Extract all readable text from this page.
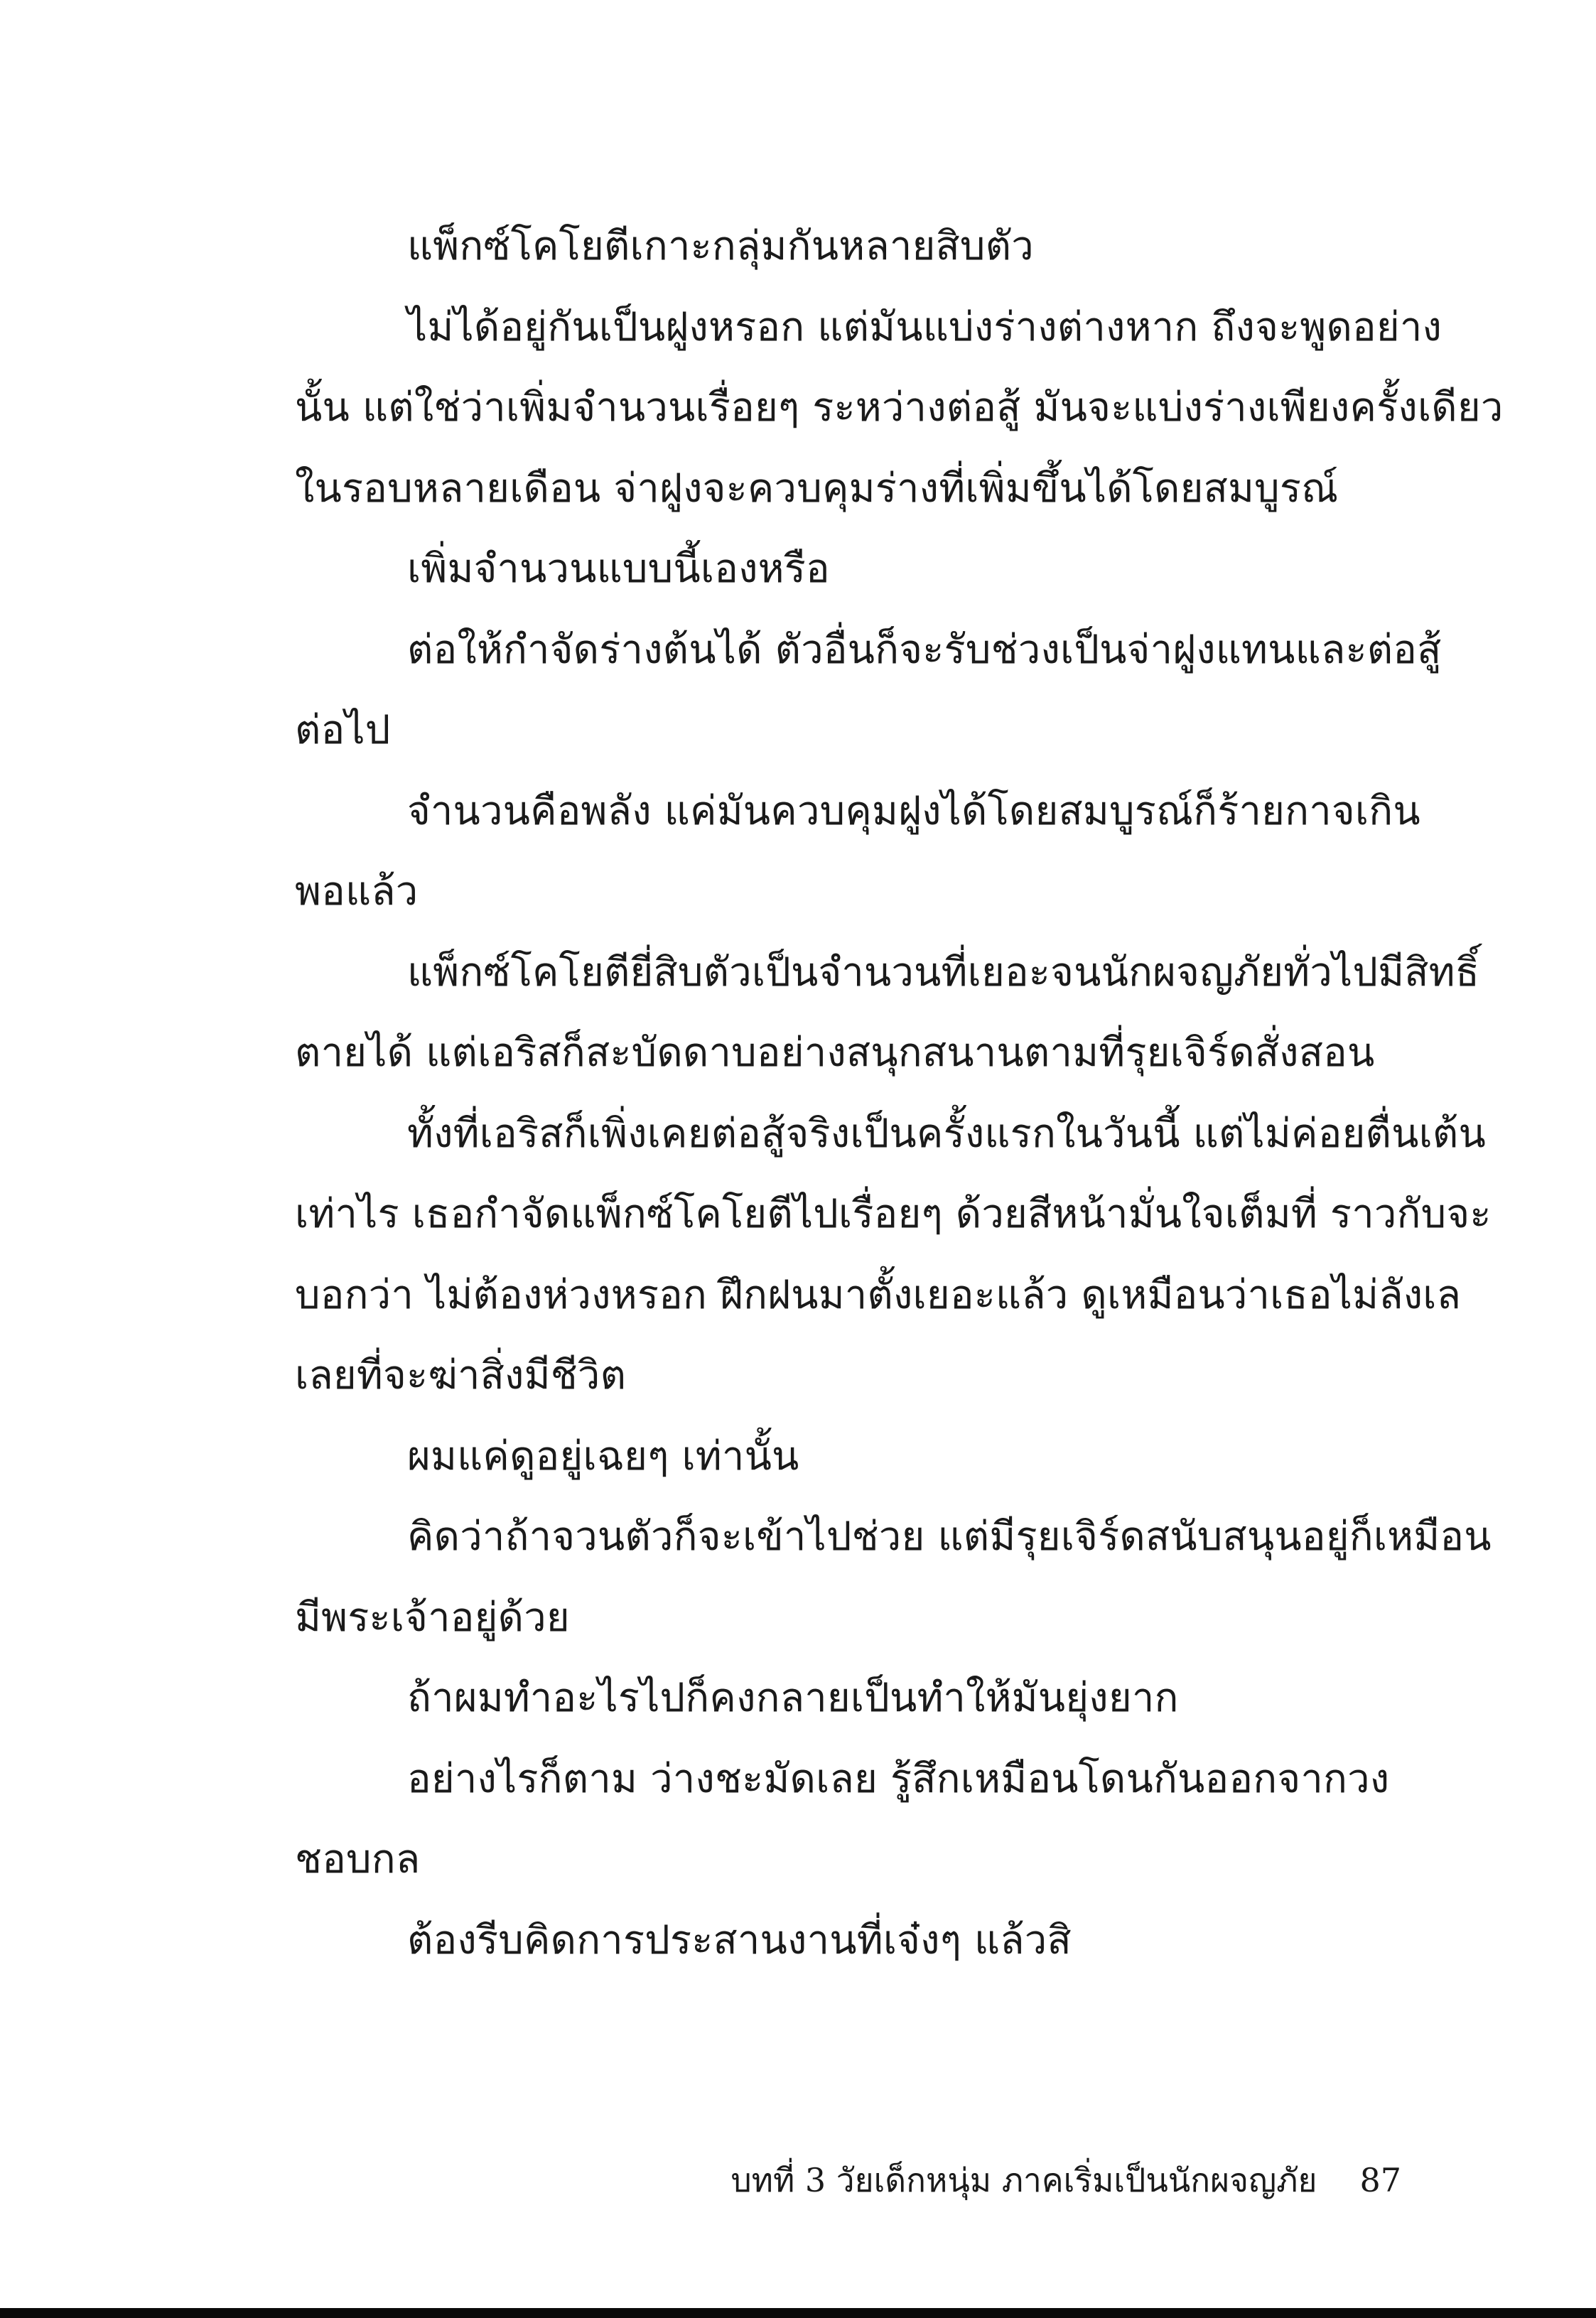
แพ็กซ์โคโยตีเกาะกลุ่มกันหลายสิบตัว
ไม่ได้อยู่กันเป็นฝูงหรอก แต่มันแบ่งร่างต่างหาก ถึงจะพูดอย่าง
นั้น แต่ใช่ว่าเพิ่มจำนวนเรื่อยๆ ระหว่างต่อสู้ มันจะแบ่งร่างเพียงครั้งเดียว
ในรอบหลายเดือน จ่าฝูงจะควบคุมร่างที่เพิ่มขึ้นได้โดยสมบูรณ์
เพิ่มจำนวนแบบนี้เองหรือ
ต่อให้กำจัดร่างต้นได้ ตัวอื่นก็จะรับช่วงเป็นจ่าฝูงแทนและต่อสู้
ต่อไป
จำนวนคือพลัง แค่มันควบคุมฝูงได้โดยสมบูรณ์ก็ร้ายกาจเกิน
พอแล้ว
แพ็กซ์โคโยตียี่สิบตัวเป็นจำนวนที่เยอะจนนักผจญภัยทั่วไปมีสิทธิ์
ตายได้ แต่เอริสก็สะบัดดาบอย่างสนุกสนานตามที่รุยเจิร์ดสั่งสอน
ทั้งที่เอริสก็เพิ่งเคยต่อสู้จริงเป็นครั้งแรกในวันนี้ แต่ไม่ค่อยตื่นเต้น
เท่าไร เธอกำจัดแพ็กซ์โคโยตีไปเรื่อยๆ ด้วยสีหน้ามั่นใจเต็มที่ ราวกับจะ
บอกว่า ไม่ต้องห่วงหรอก ฝึกฝนมาตั้งเยอะแล้ว ดูเหมือนว่าเธอไม่ลังเล
เลยที่จะฆ่าสิ่งมีชีวิต
ผมแค่ดูอยู่เฉยๆ เท่านั้น
คิดว่าถ้าจวนตัวก็จะเข้าไปช่วย แต่มีรุยเจิร์ดสนับสนุนอยู่ก็เหมือน
มีพระเจ้าอยู่ด้วย
ถ้าผมทำอะไรไปก็คงกลายเป็นทำให้มันยุ่งยาก
อย่างไรก็ตาม ว่างชะมัดเลย รู้สึกเหมือนโดนกันออกจากวง
ชอบกล
ต้องรีบคิดการประสานงานที่เจ๋งๆ แล้วสิ
บทที่ 3 วัยเด็กหนุ่ม ภาคเริ่มเป็นนักผจญภัย 87
